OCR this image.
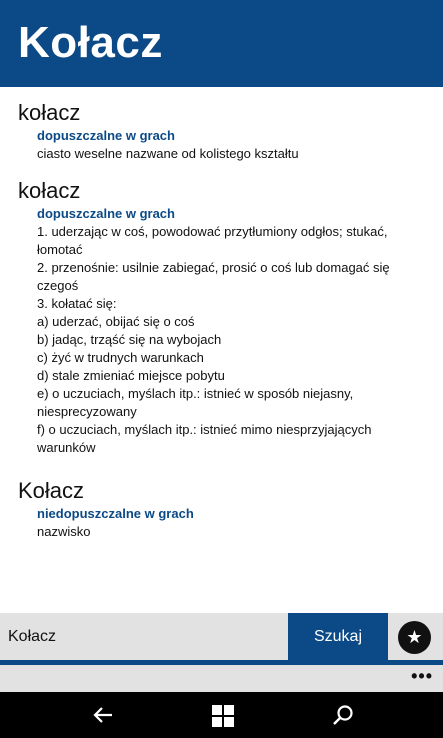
Kołacz
kołacz
dopuszczalne w grach
ciasto weselne nazwane od kolistego kształtu
kołacz
dopuszczalne w grach
1. uderzając w coś, powodować przytłumiony odgłos; stukać,
łomotać
2. przenośnie: usilnie zabiegać, prosić o coś lub domagać się
czegoś
3. kołatać się:
a) uderzać, obijać się o coś
b) jadąc, trząść się na wybojach
c) żyć w trudnych warunkach
d) stale zmieniać miejsce pobytu
e) o uczuciach, myślach itp.: istnieć w sposób niejasny,
niesprecyzowany
f) o uczuciach, myślach itp.: istnieć mimo niesprzyjających
warunków
Kołacz
niedopuszczalne w grach
nazwisko
Kołacz
Szukaj	★
•••
